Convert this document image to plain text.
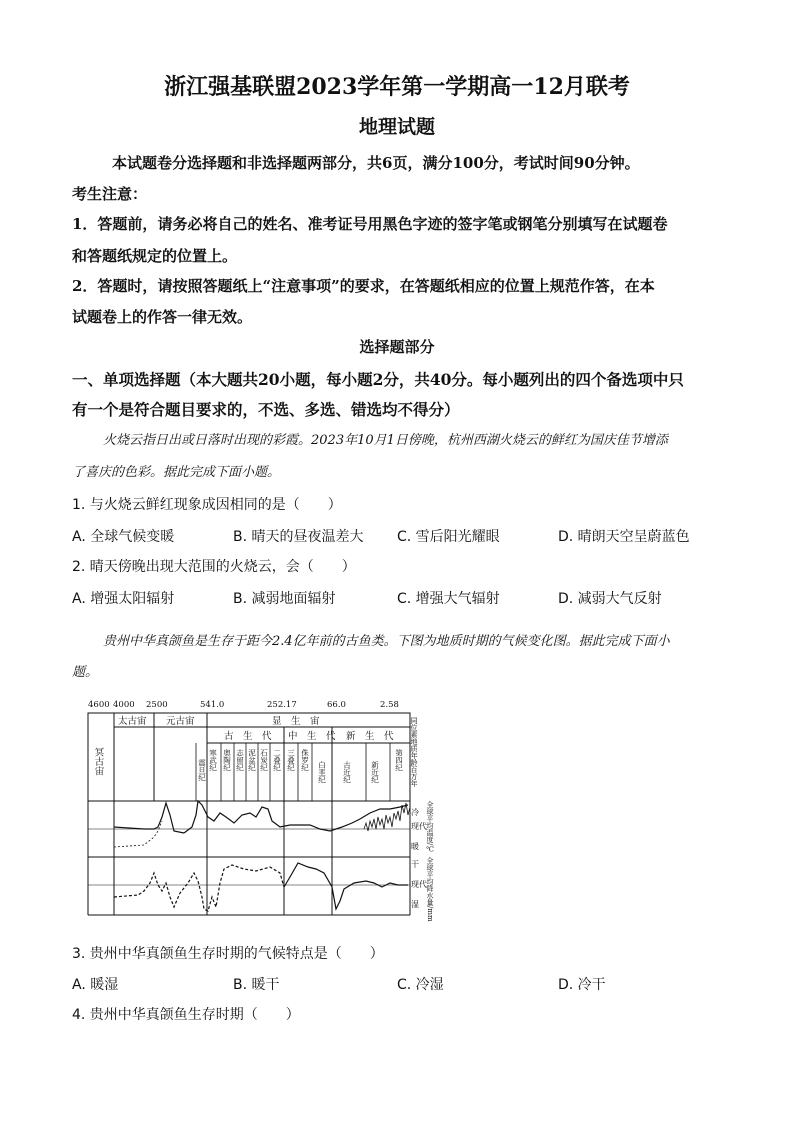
浙江强基联盟2023学年第一学期高一12月联考
地理试题
本试题卷分选择题和非选择题两部分，共6页，满分100分，考试时间90分钟。
考生注意：
1．答题前，请务必将自己的姓名、准考证号用黑色字迹的签字笔或钢笔分别填写在试题卷
和答题纸规定的位置上。
2．答题时，请按照答题纸上“注意事项”的要求，在答题纸相应的位置上规范作答，在本
试题卷上的作答一律无效。
选择题部分
一、单项选择题（本大题共20小题，每小题2分，共40分。每小题列出的四个备选项中只
有一个是符合题目要求的，不选、多选、错选均不得分）
火烧云指日出或日落时出现的彩霞。2023年10月1日傍晚，杭州西湖火烧云的鲜红为国庆佳节增添
了喜庆的色彩。据此完成下面小题。
1. 与火烧云鲜红现象成因相同的是（　　）
A. 全球气候变暖	B. 晴天的昼夜温差大 C. 雪后阳光耀眼	D. 晴朗天空呈蔚蓝色
2. 晴天傍晚出现大范围的火烧云，会（　　）
A. 增强太阳辐射	B. 减弱地面辐射	C. 增强大气辐射	D. 减弱大气反射
贵州中华真颌鱼是生存于距今2.4亿年前的古鱼类。下图为地质时期的气候变化图。据此完成下面小
题。
4600 4000 2500	541.0	252.17	66.0	2.58
冥古宙
太古宙 元古宙	显　生　宙
古　生　代 中　生　代 新　生　代
震旦纪 寒武纪 奥陶纪 志留纪 泥盆纪 石炭纪 二叠纪 三叠纪 侏罗纪
白垩纪 古近纪	新近纪
第四纪 同位素地质年龄百万年
冷
现代
暖 全球平均温度/℃
干
现代
湿 全球平均降水量/mm
3. 贵州中华真颌鱼生存时期的气候特点是（　　）
A. 暖湿	B. 暖干	C. 冷湿	D. 冷干
4. 贵州中华真颌鱼生存时期（　　）
